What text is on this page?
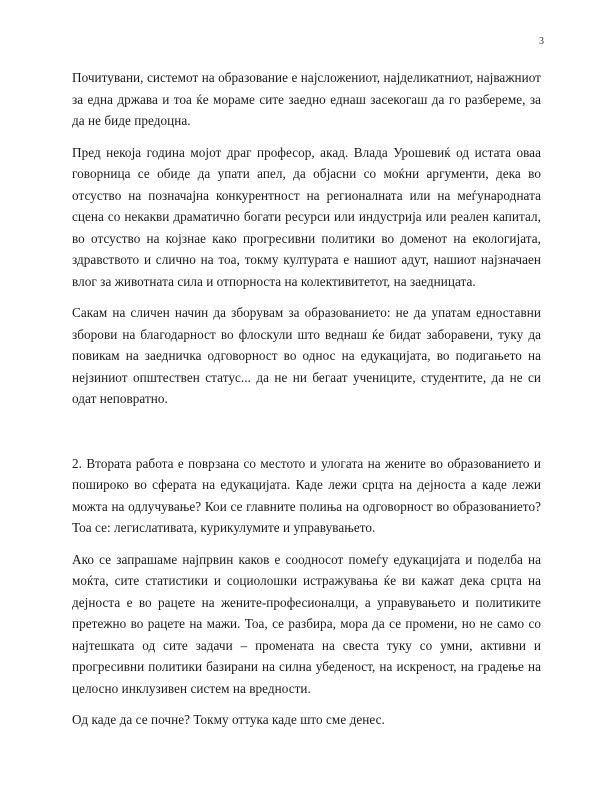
3

Почитувани, системот на образование е најсложениот, најделикатниот, најважниот за една држава и тоа ќе мораме сите заедно еднаш засекогаш да го разбереме, за да не биде предоцна.

Пред некоја година мојот драг професор, акад. Влада Урошевиќ од истата оваа говорница се обиде да упати апел, да објасни со моќни аргументи, дека во отсуство на позначајна конкурентност на регионалната или на меѓународната сцена со некакви драматично богати ресурси или индустрија или реален капитал, во отсуство на којзнае како прогресивни политики во доменот на екологијата, здравството и слично на тоа, токму културата е нашиот адут, нашиот најзначаен влог за животната сила и отпорноста на колективитетот, на заедницата.

Сакам на сличен начин да зборувам за образованието: не да упатам едноставни зборови на благодарност во флоскули што веднаш ќе бидат заборавени, туку да повикам на заедничка одговорност во однос на едукацијата, во подигањето на нејзиниот општествен статус... да не ни бегаат учениците, студентите, да не си одат неповратно.

2. Втората работа е поврзана со местото и улогата на жените во образованието и пошироко во сферата на едукацијата. Каде лежи срцта на дејноста а каде лежи можта на одлучување? Кои се главните полиња на одговорност во образованието? Тоа се: легислативата, курикулумите и управувањето.

Ако се запрашаме најпрвин каков е соодносот помеѓу едукацијата и поделба на моќта, сите статистики и социолошки истражувања ќе ви кажат дека срцта на дејноста е во рацете на жените-професионалци, а управувањето и политиките претежно во рацете на мажи. Тоа, се разбира, мора да се промени, но не само со најтешката од сите задачи – промената на свеста туку со умни, активни и прогресивни политики базирани на силна убеденост, на искреност, на градење на целосно инклузивен систем на вредности.

Од каде да се почне? Токму оттука каде што сме денес.
